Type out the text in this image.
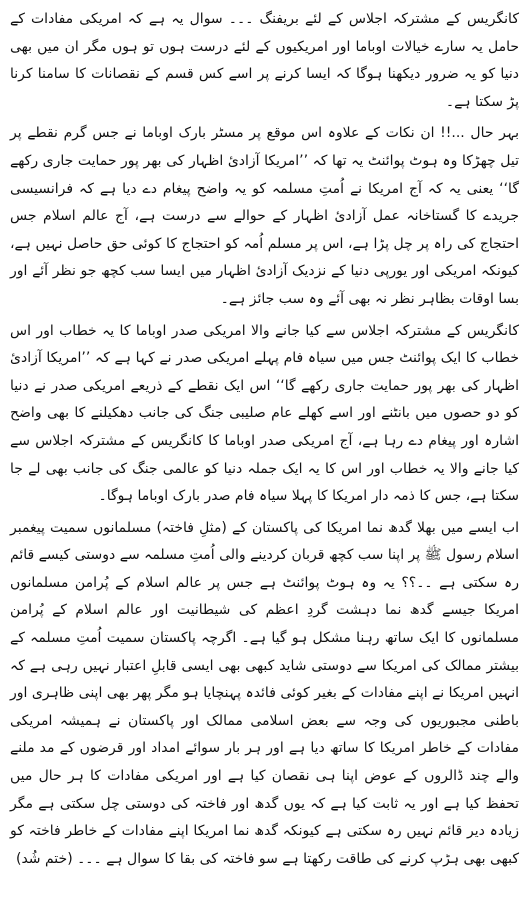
کانگریس کے مشترکہ اجلاس کے لئے بریفنگ ۔۔۔ سوال یہ ہے کہ امریکی مفادات کے حامل یہ سارے خیالات اوباما اور امریکیوں کے لئے درست ہوں تو ہوں مگر ان میں بھی دنیا کو یہ ضرور دیکھنا ہوگا کہ ایسا کرنے پر اسے کس قسم کے نقصانات کا سامنا کرنا پڑ سکتا ہے۔

بہر حال ...!! ان نکات کے علاوہ اس موقع پر مسٹر بارک اوباما نے جس گرم نقطے پر تیل چھڑکا وہ ہوٹ پوائنٹ یہ تھا کہ ’’امریکا آزادیٔ اظہار کی بھر پور حمایت جاری رکھے گا‘‘ یعنی یہ کہ آج امریکا نے اُمتِ مسلمہ کو یہ واضح پیغام دے دیا ہے کہ فرانسیسی جریدے کا گستاخانہ عمل آزادیٔ اظہار کے حوالے سے درست ہے، آج عالم اسلام جس احتجاج کی راہ پر چل پڑا ہے، اس پر مسلم اُمہ کو احتجاج کا کوئی حق حاصل نہیں ہے، کیونکہ امریکی اور یورپی دنیا کے نزدیک آزادیٔ اظہار میں ایسا سب کچھ جو نظر آئے اور بسا اوقات بظاہر نظر نہ بھی آئے وہ سب جائز ہے۔

کانگریس کے مشترکہ اجلاس سے کیا جانے والا امریکی صدر اوباما کا یہ خطاب اور اس خطاب کا ایک پوائنٹ جس میں سیاہ فام پہلے امریکی صدر نے کہا ہے کہ ’’امریکا آزادیٔ اظہار کی بھر پور حمایت جاری رکھے گا‘‘ اس ایک نقطے کے ذریعے امریکی صدر نے دنیا کو دو حصوں میں بانٹنے اور اسے کھلے عام صلیبی جنگ کی جانب دھکیلنے کا بھی واضح اشارہ اور پیغام دے رہا ہے، آج امریکی صدر اوباما کا کانگریس کے مشترکہ اجلاس سے کیا جانے والا یہ خطاب اور اس کا یہ ایک جملہ دنیا کو عالمی جنگ کی جانب بھی لے جا سکتا ہے، جس کا ذمہ دار امریکا کا پہلا سیاہ فام صدر بارک اوباما ہوگا۔

اب ایسے میں بھلا گدھ نما امریکا کی پاکستان کے (مثلِ فاختہ) مسلمانوں سمیت پیغمبر اسلام رسول ﷺ پر اپنا سب کچھ قربان کردینے والی اُمتِ مسلمہ سے دوستی کیسے قائم رہ سکتی ہے ۔۔؟؟ یہ وہ ہوٹ پوائنٹ ہے جس پر عالم اسلام کے پُرامن مسلمانوں امریکا جیسے گدھ نما دہشت گردِ اعظم کی شیطانیت اور عالم اسلام کے پُرامن مسلمانوں کا ایک ساتھ رہنا مشکل ہو گیا ہے۔ اگرچہ پاکستان سمیت اُمتِ مسلمہ کے بیشتر ممالک کی امریکا سے دوستی شاید کبھی بھی ایسی قابلِ اعتبار نہیں رہی ہے کہ انہیں امریکا نے اپنے مفادات کے بغیر کوئی فائدہ پہنچایا ہو مگر پھر بھی اپنی ظاہری اور باطنی مجبوریوں کی وجہ سے بعض اسلامی ممالک اور پاکستان نے ہمیشہ امریکی مفادات کے خاطر امریکا کا ساتھ دیا ہے اور ہر بار سوائے امداد اور قرضوں کے مد ملنے والے چند ڈالروں کے عوض اپنا ہی نقصان کیا ہے اور امریکی مفادات کا ہر حال میں تحفظ کیا ہے اور یہ ثابت کیا ہے کہ یوں گدھ اور فاختہ کی دوستی چل سکتی ہے مگر زیادہ دیر قائم نہیں رہ سکتی ہے کیونکہ گدھ نما امریکا اپنے مفادات کے خاطر فاختہ کو کبھی بھی ہڑپ کرنے کی طاقت رکھتا ہے سو فاختہ کی بقا کا سوال ہے ۔۔۔ (ختم شُد)
